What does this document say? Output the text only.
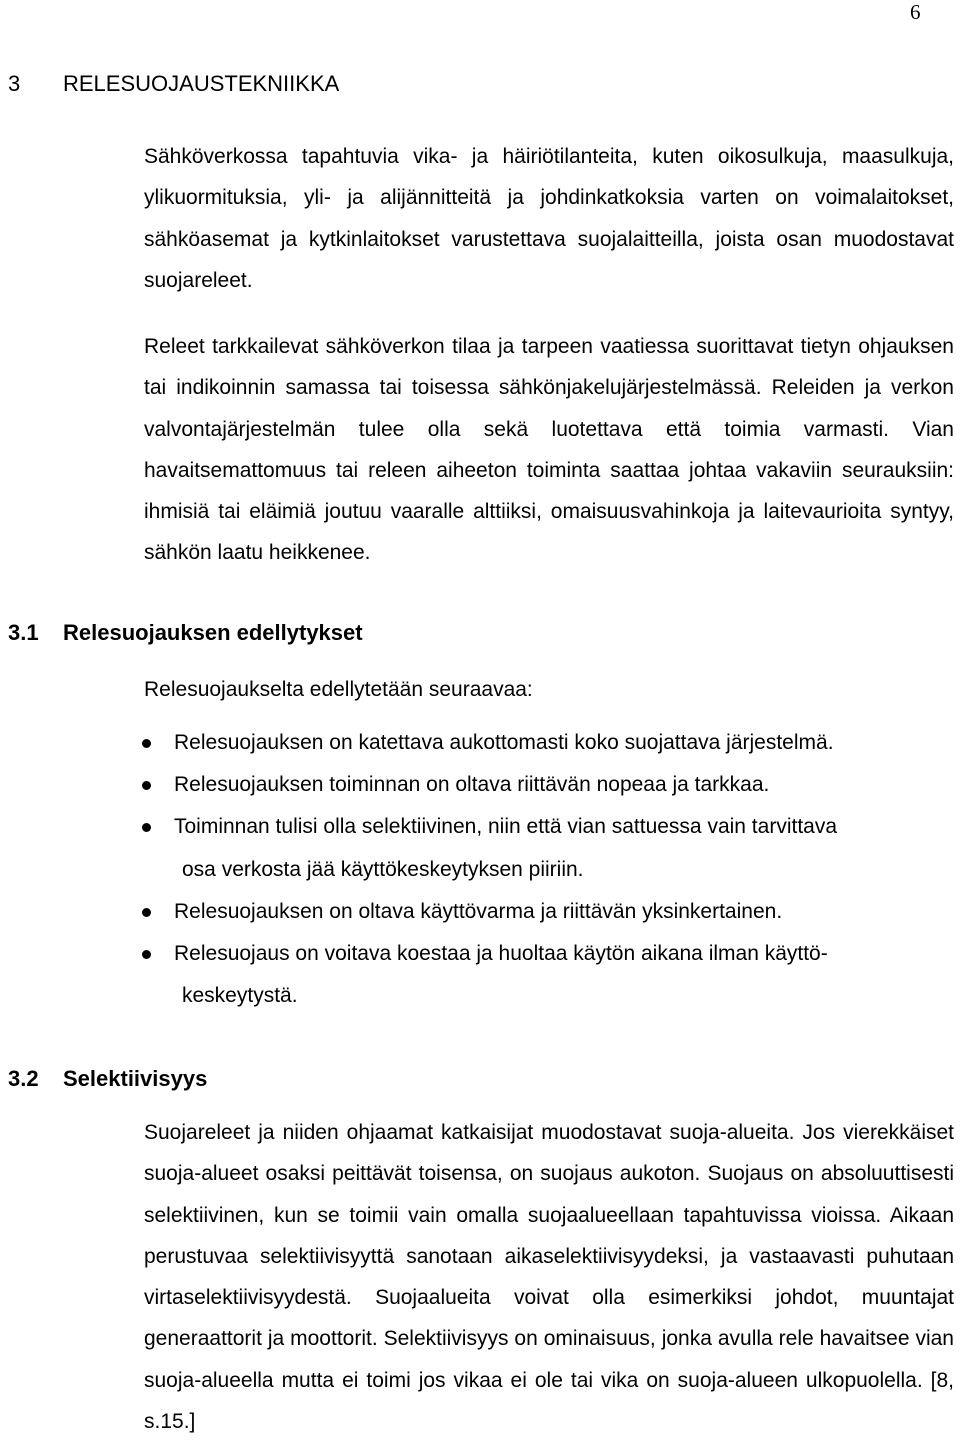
6
3 RELESUOJAUSTEKNIIKKA

Sähköverkossa tapahtuvia vika- ja häiriötilanteita, kuten oikosulkuja, maasulkuja, ylikuormituksia, yli- ja alijännitteitä ja johdinkatkoksia varten on voimalaitokset, sähköasemat ja kytkinlaitokset varustettava suojalaitteilla, joista osan muodostavat suojareleet.

Releet tarkkailevat sähköverkon tilaa ja tarpeen vaatiessa suorittavat tietyn ohjauksen tai indikoinnin samassa tai toisessa sähkönjakelujärjestelmässä. Releiden ja verkon valvontajärjestelmän tulee olla sekä luotettava että toimia varmasti. Vian havaitsemattomuus tai releen aiheeton toiminta saattaa johtaa vakaviin seurauksiin: ihmisiä tai eläimiä joutuu vaaralle alttiiksi, omaisuusvahinkoja ja laitevaurioita syntyy, sähkön laatu heikkenee.

3.1 Relesuojauksen edellytykset
Relesuojaukselta edellytetään seuraavaa:
Relesuojauksen on katettava aukottomasti koko suojattava järjestelmä.
Relesuojauksen toiminnan on oltava riittävän nopeaa ja tarkkaa.
Toiminnan tulisi olla selektiivinen, niin että vian sattuessa vain tarvittava
osa verkosta jää käyttökeskeytyksen piiriin.
Relesuojauksen on oltava käyttövarma ja riittävän yksinkertainen.
Relesuojaus on voitava koestaa ja huoltaa käytön aikana ilman käyttö-
keskeytystä.
3.2 Selektiivisyys

Suojareleet ja niiden ohjaamat katkaisijat muodostavat suoja-alueita. Jos vierekkäiset suoja-alueet osaksi peittävät toisensa, on suojaus aukoton. Suojaus on absoluuttisesti selektiivinen, kun se toimii vain omalla suojaalueellaan tapahtuvissa vioissa. Aikaan perustuvaa selektiivisyyttä sanotaan aikaselektiivisyydeksi, ja vastaavasti puhutaan virtaselektiivisyydestä. Suojaalueita voivat olla esimerkiksi johdot, muuntajat generaattorit ja moottorit. Selektiivisyys on ominaisuus, jonka avulla rele havaitsee vian suoja-alueella mutta ei toimi jos vikaa ei ole tai vika on suoja-alueen ulkopuolella. [8, s.15.]
